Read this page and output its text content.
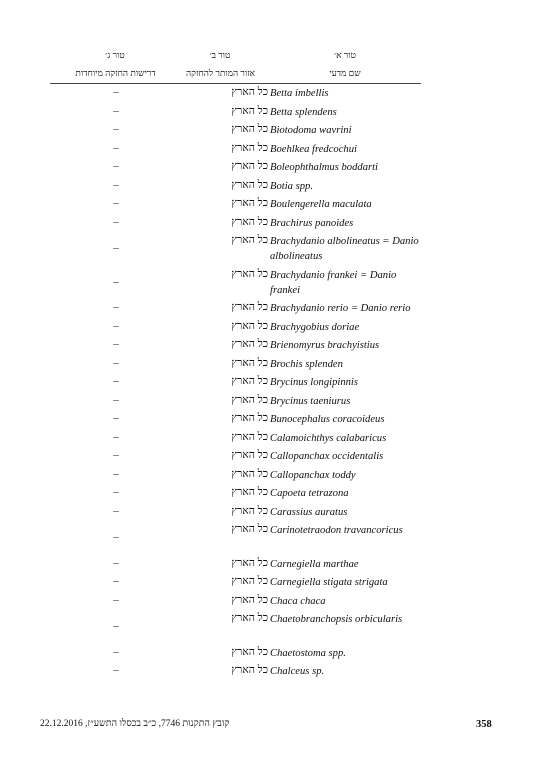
טור א׳
שם מדעי
טור ב׳
אזור המותר להחזקה
טור ג׳
דרישות החזקה מיוחדות
Betta imbellis
כל הארץ
–
Betta splendens
כל הארץ
–
Biotodoma wavrini
כל הארץ
–
Boehlkea fredcochui
כל הארץ
–
Boleophthalmus boddarti
כל הארץ
–
Botia spp.
כל הארץ
–
Boulengerella maculata
כל הארץ
–
Brachirus panoides
כל הארץ
–
Brachydanio albolineatus = Danio albolineatus
כל הארץ
–
Brachydanio frankei = Danio frankei
כל הארץ
–
Brachydanio rerio = Danio rerio
כל הארץ
–
Brachygobius doriae
כל הארץ
–
Brienomyrus brachyistius
כל הארץ
–
Brochis splenden
כל הארץ
–
Brycinus longipinnis
כל הארץ
–
Brycinus taeniurus
כל הארץ
–
Bunocephalus coracoideus
כל הארץ
–
Calamoichthys calabaricus
כל הארץ
–
Callopanchax occidentalis
כל הארץ
–
Callopanchax toddy
כל הארץ
–
Capoeta tetrazona
כל הארץ
–
Carassius auratus
כל הארץ
–
Carinotetraodon travancoricus
כל הארץ
–
Carnegiella marthae
כל הארץ
–
Carnegiella stigata strigata
כל הארץ
–
Chaca chaca
כל הארץ
–
Chaetobranchopsis orbicularis
כל הארץ
–
Chaetostoma spp.
כל הארץ
–
Chalceus sp.
כל הארץ
–
358
קובץ התקנות 7746, כ״ב בכסלו התשע״ז, 22.12.2016
